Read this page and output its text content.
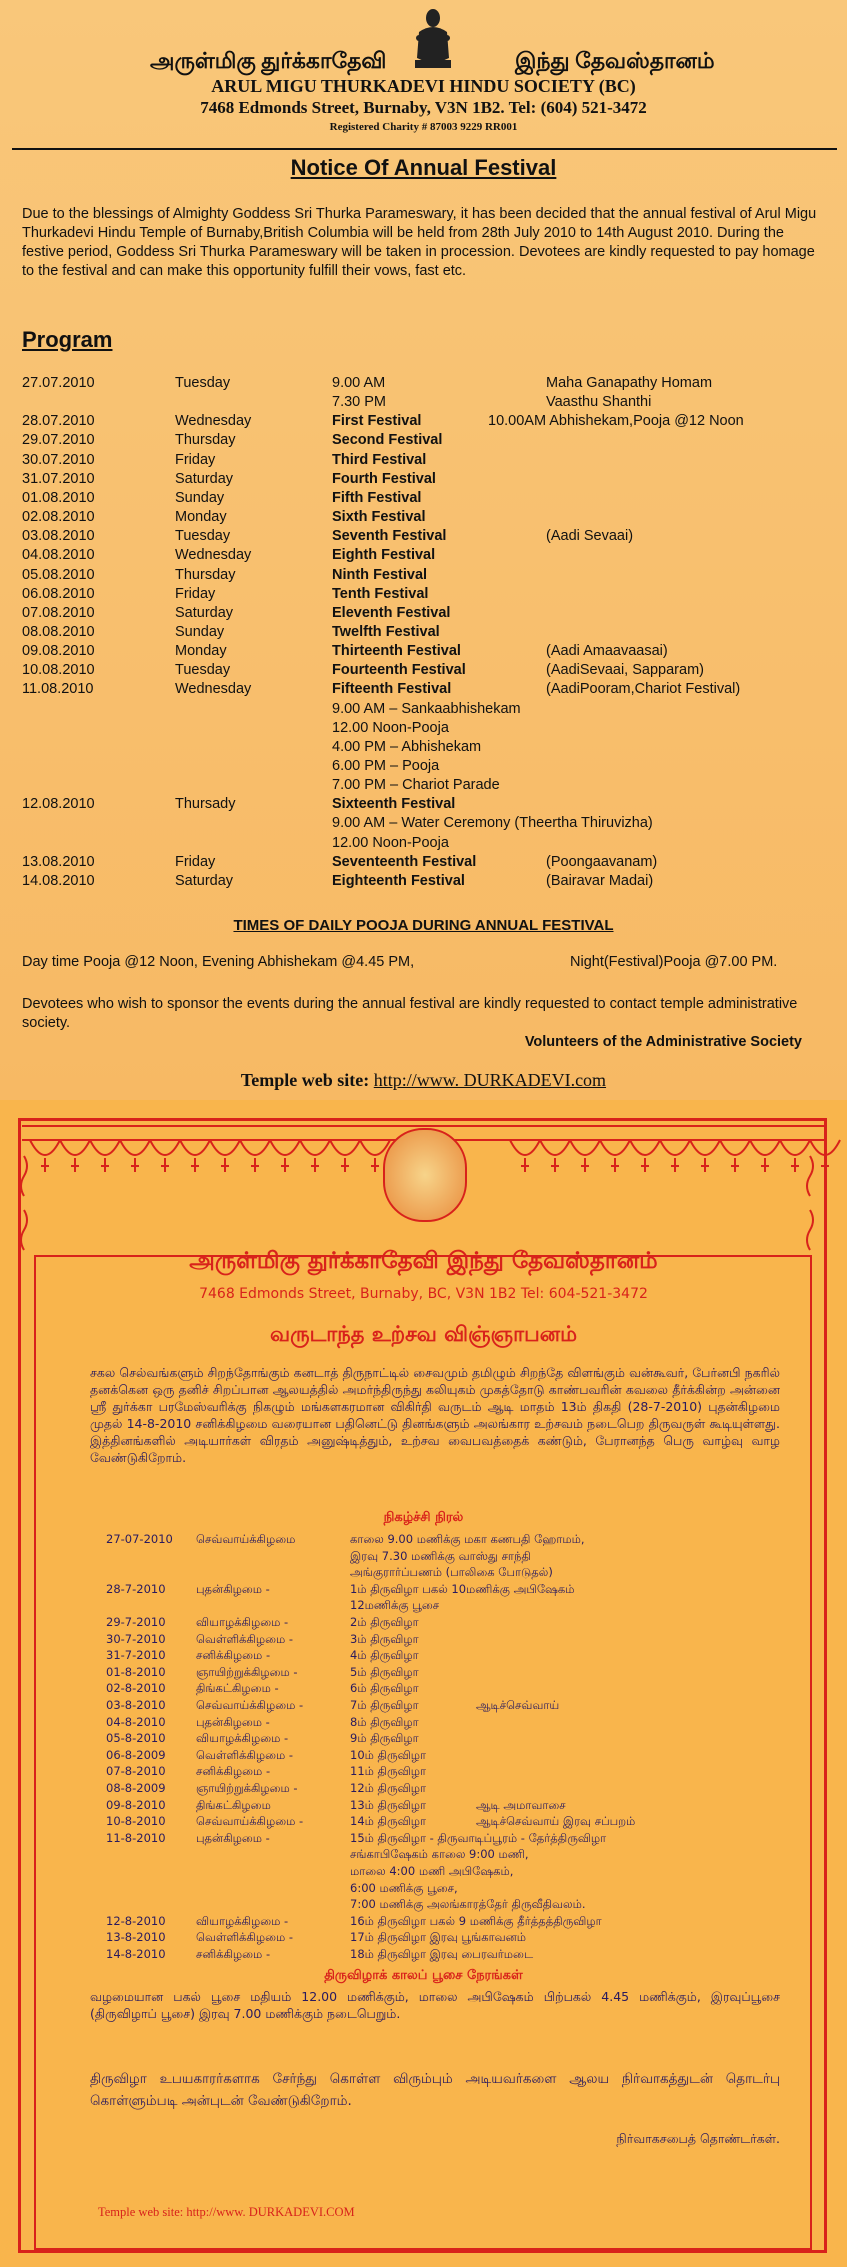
அருள்மிகு துர்க்காதேவி	இந்து தேவஸ்தானம்
ARUL MIGU THURKADEVI HINDU SOCIETY (BC)
7468 Edmonds Street, Burnaby, V3N 1B2. Tel: (604) 521-3472
Registered Charity # 87003 9229 RR001
Notice Of Annual Festival
Due to the blessings of Almighty Goddess Sri Thurka Parameswary, it has been decided that the annual festival of Arul Migu Thurkadevi Hindu Temple of Burnaby,British Columbia will be held from 28th July 2010 to 14th August 2010. During the festive period, Goddess Sri Thurka Parameswary will be taken in procession. Devotees are kindly requested to pay homage to the festival and can make this opportunity fulfill their vows, fast etc.
Program
27.07.2010	Tuesday	9.00 AM	Maha Ganapathy Homam
7.30 PM	Vaasthu Shanthi
28.07.2010	Wednesday	First Festival	10.00AM Abhishekam,Pooja @12 Noon
29.07.2010	Thursday	Second Festival
30.07.2010	Friday	Third Festival
31.07.2010	Saturday	Fourth Festival
01.08.2010	Sunday	Fifth Festival
02.08.2010	Monday	Sixth Festival
03.08.2010	Tuesday	Seventh Festival	(Aadi Sevaai)
04.08.2010	Wednesday	Eighth Festival
05.08.2010	Thursday	Ninth Festival
06.08.2010	Friday	Tenth Festival
07.08.2010	Saturday	Eleventh Festival
08.08.2010	Sunday	Twelfth Festival
09.08.2010	Monday	Thirteenth Festival	(Aadi Amaavaasai)
10.08.2010	Tuesday	Fourteenth Festival	(AadiSevaai, Sapparam)
11.08.2010	Wednesday	Fifteenth Festival	(AadiPooram,Chariot Festival)
9.00 AM – Sankaabhishekam
12.00 Noon-Pooja
4.00 PM – Abhishekam
6.00 PM – Pooja
7.00 PM – Chariot Parade
12.08.2010	Thursady	Sixteenth Festival
9.00 AM – Water Ceremony (Theertha Thiruvizha)
12.00 Noon-Pooja
13.08.2010	Friday	Seventeenth Festival	(Poongaavanam)
14.08.2010	Saturday	Eighteenth Festival	(Bairavar Madai)
TIMES OF DAILY POOJA DURING ANNUAL FESTIVAL
Day time Pooja @12 Noon, Evening Abhishekam @4.45 PM,	Night(Festival)Pooja @7.00 PM.
Devotees who wish to sponsor the events during the annual festival are kindly requested to contact temple administrative society.
Volunteers of the Administrative Society
Temple web site: http://www. DURKADEVI.com
அருள்மிகு துர்க்காதேவி இந்து தேவஸ்தானம்
7468 Edmonds Street, Burnaby, BC, V3N 1B2 Tel: 604-521-3472
வருடாந்த உற்சவ விஞ்ஞாபனம்
சகல செல்வங்களும் சிறந்தோங்கும் கனடாத் திருநாட்டில் சைவமும் தமிழும் சிறந்தே விளங்கும் வன்கூவர், பேர்னபி நகரில் தனக்கென ஒரு தனிச் சிறப்பான ஆலயத்தில் அமர்ந்திருந்து கலியுகம் முகத்தோடு காண்பவரின் கவலை தீர்க்கின்ற அன்னை ஸ்ரீ துர்க்கா பரமேஸ்வரிக்கு நிகழும் மங்களகரமான விகிர்தி வருடம் ஆடி மாதம் 13ம் திகதி (28-7-2010) புதன்கிழமை முதல் 14-8-2010 சனிக்கிழமை வரையான பதினெட்டு தினங்களும் அலங்கார உற்சவம் நடைபெற திருவருள் கூடியுள்ளது. இத்தினங்களில் அடியார்கள் விரதம் அனுஷ்டித்தும், உற்சவ வைபவத்தைக் கண்டும், பேரானந்த பெரு வாழ்வு வாழ வேண்டுகிறோம்.
நிகழ்ச்சி நிரல்
27-07-2010 செவ்வாய்க்கிழமை	காலை 9.00 மணிக்கு மகா கணபதி ஹோமம்,
இரவு 7.30 மணிக்கு வாஸ்து சாந்தி
அங்குரார்ப்பணம் (பாலிகை போடுதல்)
28-7-2010	புதன்கிழமை -	1ம் திருவிழா பகல் 10மணிக்கு அபிஷேகம்
12மணிக்கு பூசை
29-7-2010	வியாழக்கிழமை -	2ம் திருவிழா
30-7-2010	வெள்ளிக்கிழமை -	3ம் திருவிழா
31-7-2010	சனிக்கிழமை -	4ம் திருவிழா
01-8-2010	ஞாயிற்றுக்கிழமை -	5ம் திருவிழா
02-8-2010	திங்கட்கிழமை -	6ம் திருவிழா
03-8-2010	செவ்வாய்க்கிழமை -	7ம் திருவிழா	ஆடிச்செவ்வாய்
04-8-2010	புதன்கிழமை -	8ம் திருவிழா
05-8-2010	வியாழக்கிழமை -	9ம் திருவிழா
06-8-2009	வெள்ளிக்கிழமை -	10ம் திருவிழா
07-8-2010	சனிக்கிழமை -	11ம் திருவிழா
08-8-2009	ஞாயிற்றுக்கிழமை -	12ம் திருவிழா
09-8-2010	திங்கட்கிழமை	13ம் திருவிழா	ஆடி அமாவாசை
10-8-2010	செவ்வாய்க்கிழமை -	14ம் திருவிழா	ஆடிச்செவ்வாய் இரவு சப்பறம்
11-8-2010	புதன்கிழமை -	15ம் திருவிழா - திருவாடிப்பூரம் - தேர்த்திருவிழா
சங்காபிஷேகம் காலை 9:00 மணி,
மாலை 4:00 மணி அபிஷேகம்,
6:00 மணிக்கு பூசை,
7:00 மணிக்கு அலங்காரத்தேர் திருவீதிவலம்.
12-8-2010	வியாழக்கிழமை -	16ம் திருவிழா பகல் 9 மணிக்கு தீர்த்தத்திருவிழா
13-8-2010	வெள்ளிக்கிழமை -	17ம் திருவிழா இரவு பூங்காவனம்
14-8-2010	சனிக்கிழமை -	18ம் திருவிழா இரவு பைரவர்மடை
திருவிழாக் காலப் பூசை நேரங்கள்
வழமையான பகல் பூசை மதியம் 12.00 மணிக்கும், மாலை அபிஷேகம் பிற்பகல் 4.45 மணிக்கும், இரவுப்பூசை (திருவிழாப் பூசை) இரவு 7.00 மணிக்கும் நடைபெறும்.
திருவிழா உபயகாரர்களாக சேர்ந்து கொள்ள விரும்பும் அடியவர்களை ஆலய நிர்வாகத்துடன் தொடர்பு கொள்ளும்படி அன்புடன் வேண்டுகிறோம்.
நிர்வாகசபைத் தொண்டர்கள்.
Temple web site: http://www. DURKADEVI.COM
